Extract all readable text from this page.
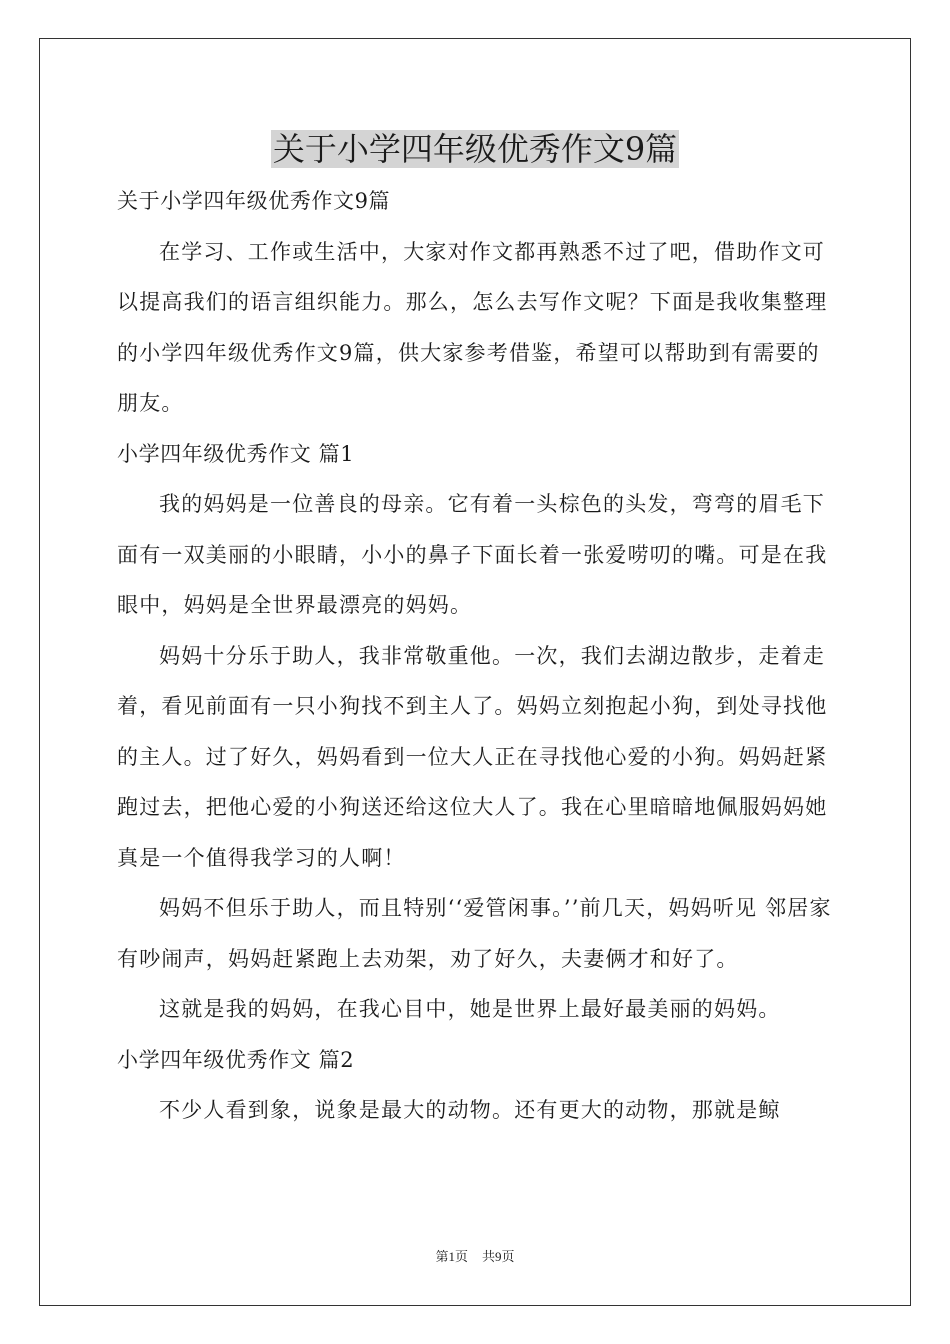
关于小学四年级优秀作文9篇

关于小学四年级优秀作文9篇

在学习、工作或生活中，大家对作文都再熟悉不过了吧，借助作文可以提高我们的语言组织能力。那么，怎么去写作文呢？下面是我收集整理的小学四年级优秀作文9篇，供大家参考借鉴，希望可以帮助到有需要的朋友。

小学四年级优秀作文 篇1

我的妈妈是一位善良的母亲。它有着一头棕色的头发，弯弯的眉毛下面有一双美丽的小眼睛，小小的鼻子下面长着一张爱唠叨的嘴。可是在我眼中，妈妈是全世界最漂亮的妈妈。

妈妈十分乐于助人，我非常敬重他。一次，我们去湖边散步，走着走着，看见前面有一只小狗找不到主人了。妈妈立刻抱起小狗，到处寻找他的主人。过了好久，妈妈看到一位大人正在寻找他心爱的小狗。妈妈赶紧跑过去，把他心爱的小狗送还给这位大人了。我在心里暗暗地佩服妈妈她真是一个值得我学习的人啊！

妈妈不但乐于助人，而且特别‘‘爱管闲事。’’前几天，妈妈听见 邻居家有吵闹声，妈妈赶紧跑上去劝架，劝了好久，夫妻俩才和好了。

这就是我的妈妈，在我心目中，她是世界上最好最美丽的妈妈。

小学四年级优秀作文 篇2

不少人看到象，说象是最大的动物。还有更大的动物，那就是鲸

第1页 共9页
